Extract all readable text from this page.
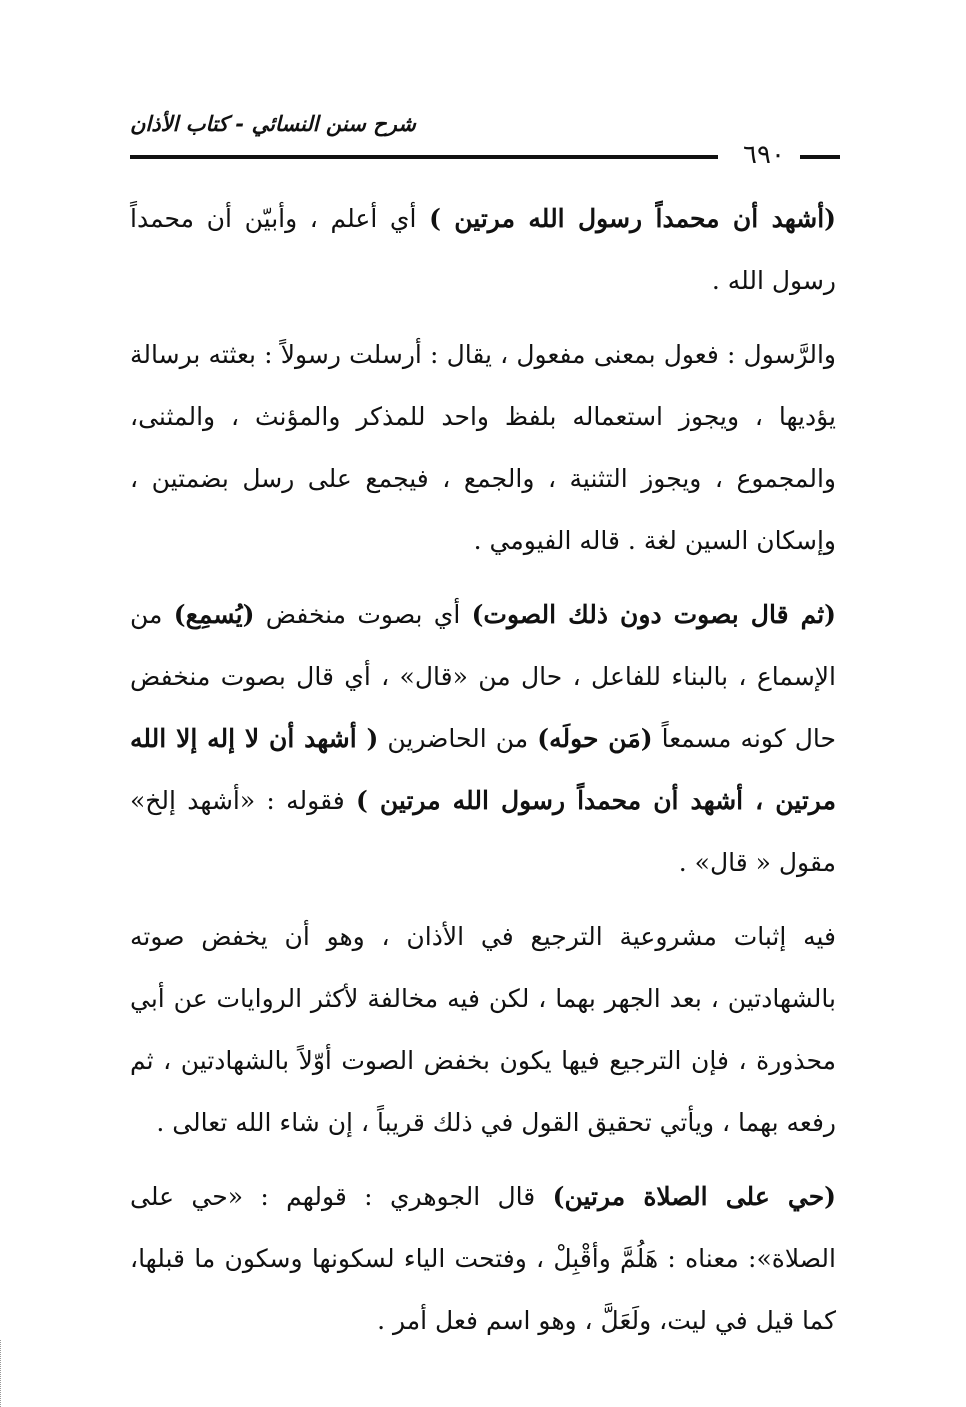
شرح سنن النسائي - كتاب الأذان
٦٩٠

(أشهد أن محمداً رسول الله مرتين ) أي أعلم ، وأبيّن أن محمداً رسول الله .

والرَّسول : فعول بمعنى مفعول ، يقال : أرسلت رسولاً : بعثته برسالة يؤديها ، ويجوز استعماله بلفظ واحد للمذكر والمؤنث ، والمثنى، والمجموع ، ويجوز التثنية ، والجمع ، فيجمع على رسل بضمتين ، وإسكان السين لغة . قاله الفيومي .

(ثم قال بصوت دون ذلك الصوت) أي بصوت منخفض (يُسمِع) من الإسماع ، بالبناء للفاعل ، حال من «قال» ، أي قال بصوت منخفض حال كونه مسمعاً (مَن حولَه) من الحاضرين ( أشهد أن لا إله إلا الله مرتين ، أشهد أن محمداً رسول الله مرتين ) فقوله : «أشهد إلخ» مقول « قال» .

فيه إثبات مشروعية الترجيع في الأذان ، وهو أن يخفض صوته بالشهادتين ، بعد الجهر بهما ، لكن فيه مخالفة لأكثر الروايات عن أبي محذورة ، فإن الترجيع فيها يكون بخفض الصوت أوّلاً بالشهادتين ، ثم رفعه بهما ، ويأتي تحقيق القول في ذلك قريباً ، إن شاء الله تعالى .

(حي على الصلاة مرتين) قال الجوهري : قولهم : «حي على الصلاة»: معناه : هَلُمَّ وأقْبِلْ ، وفتحت الياء لسكونها وسكون ما قبلها، كما قيل في ليت، ولَعَلَّ ، وهو اسم فعل أمر .
